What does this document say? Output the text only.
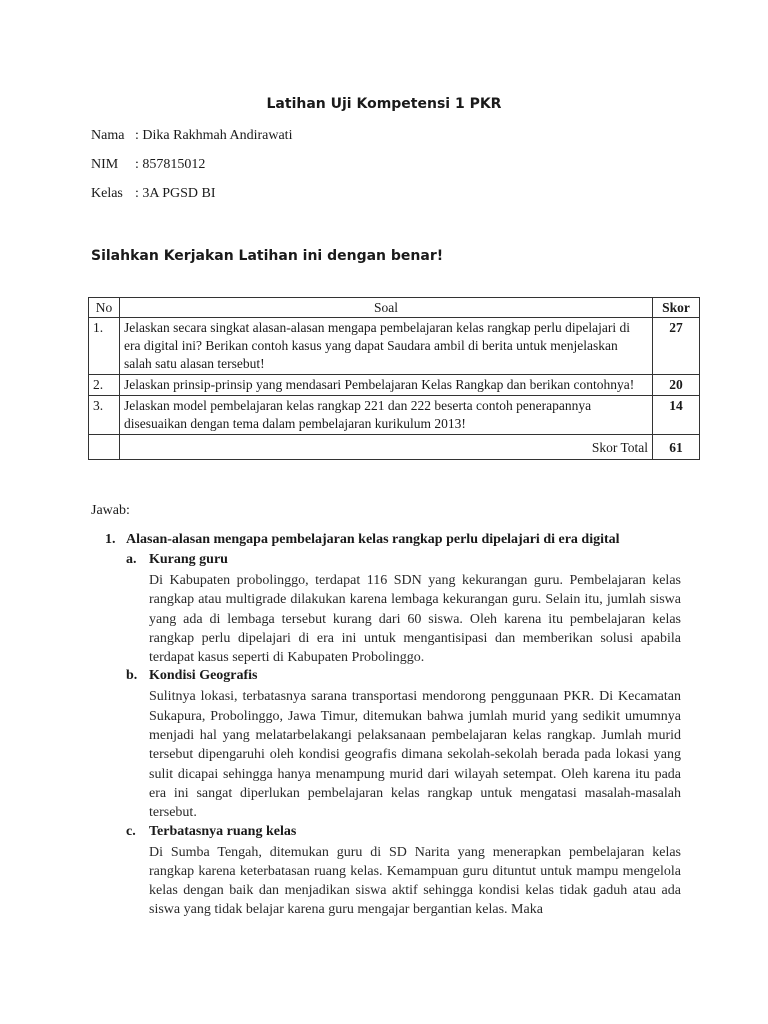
Latihan Uji Kompetensi 1 PKR
Nama : Dika Rakhmah Andirawati
NIM : 857815012
Kelas : 3A PGSD BI
Silahkan Kerjakan Latihan ini dengan benar!
No	Soal	Skor
1.	Jelaskan secara singkat alasan-alasan mengapa pembelajaran kelas rangkap perlu dipelajari di era digital ini? Berikan contoh kasus yang dapat Saudara ambil di berita untuk menjelaskan salah satu alasan tersebut!	27
2.	Jelaskan prinsip-prinsip yang mendasari Pembelajaran Kelas Rangkap dan berikan contohnya!	20
3.	Jelaskan model pembelajaran kelas rangkap 221 dan 222 beserta contoh penerapannya disesuaikan dengan tema dalam pembelajaran kurikulum 2013!	14
	Skor Total	61
Jawab:
1. Alasan-alasan mengapa pembelajaran kelas rangkap perlu dipelajari di era digital
a. Kurang guru
Di Kabupaten probolinggo, terdapat 116 SDN yang kekurangan guru. Pembelajaran kelas rangkap atau multigrade dilakukan karena lembaga kekurangan guru. Selain itu, jumlah siswa yang ada di lembaga tersebut kurang dari 60 siswa. Oleh karena itu pembelajaran kelas rangkap perlu dipelajari di era ini untuk mengantisipasi dan memberikan solusi apabila terdapat kasus seperti di Kabupaten Probolinggo.
b. Kondisi Geografis
Sulitnya lokasi, terbatasnya sarana transportasi mendorong penggunaan PKR. Di Kecamatan Sukapura, Probolinggo, Jawa Timur, ditemukan bahwa jumlah murid yang sedikit umumnya menjadi hal yang melatarbelakangi pelaksanaan pembelajaran kelas rangkap. Jumlah murid tersebut dipengaruhi oleh kondisi geografis dimana sekolah-sekolah berada pada lokasi yang sulit dicapai sehingga hanya menampung murid dari wilayah setempat. Oleh karena itu pada era ini sangat diperlukan pembelajaran kelas rangkap untuk mengatasi masalah-masalah tersebut.
c. Terbatasnya ruang kelas
Di Sumba Tengah, ditemukan guru di SD Narita yang menerapkan pembelajaran kelas rangkap karena keterbatasan ruang kelas. Kemampuan guru dituntut untuk mampu mengelola kelas dengan baik dan menjadikan siswa aktif sehingga kondisi kelas tidak gaduh atau ada siswa yang tidak belajar karena guru mengajar bergantian kelas. Maka
